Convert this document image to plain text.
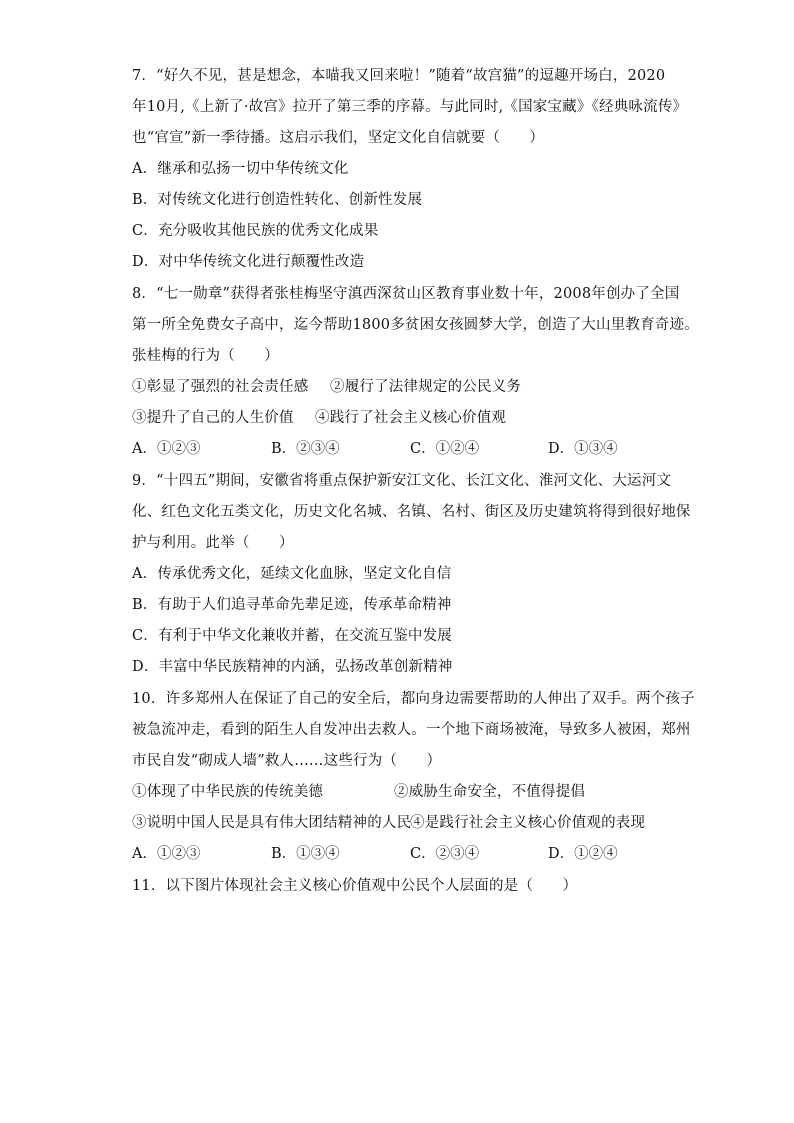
7．“好久不见，甚是想念，本喵我又回来啦！”随着“故宫猫”的逗趣开场白，2020
年10月,《上新了·故宫》拉开了第三季的序幕。与此同时,《国家宝藏》《经典咏流传》
也“官宣”新一季待播。这启示我们，坚定文化自信就要（　　）
A．继承和弘扬一切中华传统文化
B．对传统文化进行创造性转化、创新性发展
C．充分吸收其他民族的优秀文化成果
D．对中华传统文化进行颠覆性改造
8．“七一勋章”获得者张桂梅坚守滇西深贫山区教育事业数十年，2008年创办了全国
第一所全免费女子高中，迄今帮助1800多贫困女孩圆梦大学，创造了大山里教育奇迹。
张桂梅的行为（　　）
①彰显了强烈的社会责任感 ②履行了法律规定的公民义务
③提升了自己的人生价值 ④践行了社会主义核心价值观
A．①②③	B．②③④	C．①②④	D．①③④
9．“十四五”期间，安徽省将重点保护新安江文化、长江文化、淮河文化、大运河文
化、红色文化五类文化，历史文化名城、名镇、名村、街区及历史建筑将得到很好地保
护与利用。此举（　　）
A．传承优秀文化，延续文化血脉，坚定文化自信
B．有助于人们追寻革命先辈足迹，传承革命精神
C．有利于中华文化兼收并蓄，在交流互鉴中发展
D．丰富中华民族精神的内涵，弘扬改革创新精神
10．许多郑州人在保证了自己的安全后，都向身边需要帮助的人伸出了双手。两个孩子
被急流冲走，看到的陌生人自发冲出去救人。一个地下商场被淹，导致多人被困，郑州
市民自发“砌成人墙”救人……这些行为（　　）
①体现了中华民族的传统美德	②威胁生命安全，不值得提倡
③说明中国人民是具有伟大团结精神的人民
④是践行社会主义核心价值观的表现
A．①②③	B．①③④	C．②③④	D．①②④
11．以下图片体现社会主义核心价值观中公民个人层面的是（　　）
